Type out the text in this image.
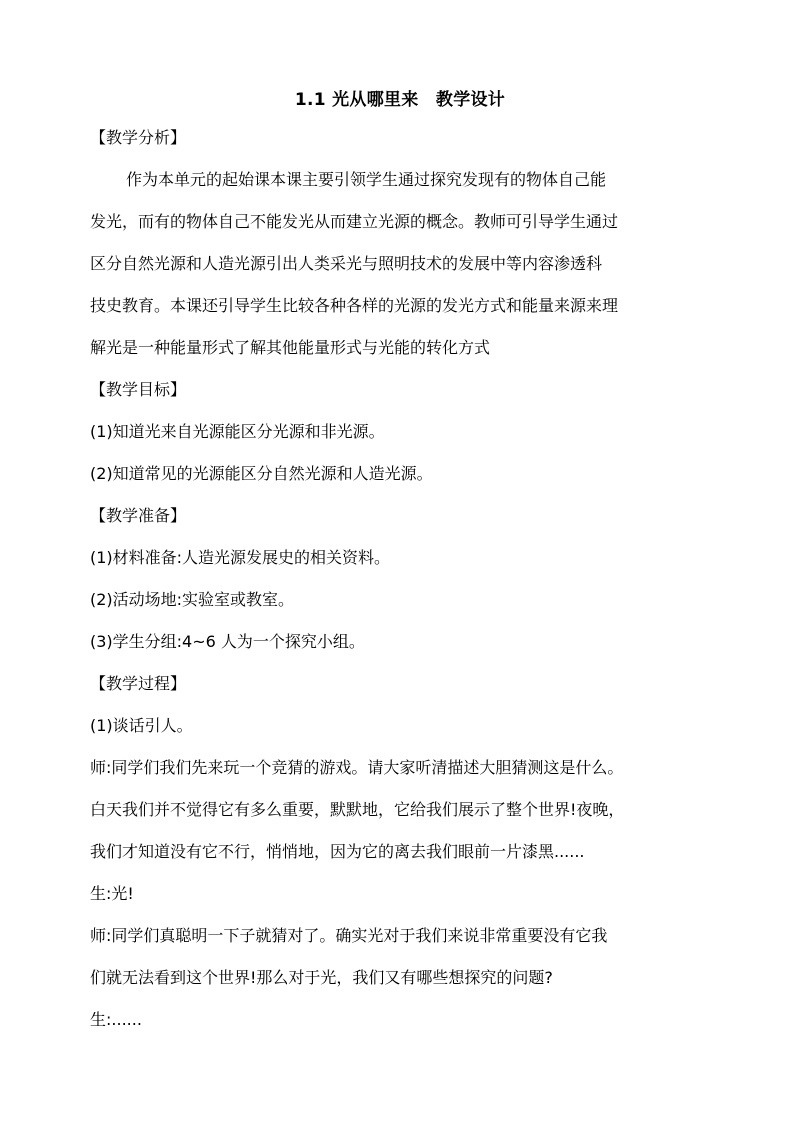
1.1 光从哪里来　教学设计
【教学分析】
作为本单元的起始课本课主要引领学生通过探究发现有的物体自己能
发光，而有的物体自己不能发光从而建立光源的概念。教师可引导学生通过
区分自然光源和人造光源引出人类采光与照明技术的发展中等内容渗透科
技史教育。本课还引导学生比较各种各样的光源的发光方式和能量来源来理
解光是一种能量形式了解其他能量形式与光能的转化方式
【教学目标】
(1)知道光来自光源能区分光源和非光源。
(2)知道常见的光源能区分自然光源和人造光源。
【教学准备】
(1)材料准备:人造光源发展史的相关资料。
(2)活动场地:实验室或教室。
(3)学生分组:4~6 人为一个探究小组。
【教学过程】
(1)谈话引人。
师:同学们我们先来玩一个竞猜的游戏。请大家听清描述大胆猜测这是什么。
白天我们并不觉得它有多么重要，默默地，它给我们展示了整个世界!夜晚，
我们才知道没有它不行，悄悄地，因为它的离去我们眼前一片漆黑......
生:光!
师:同学们真聪明一下子就猜对了。确实光对于我们来说非常重要没有它我
们就无法看到这个世界!那么对于光，我们又有哪些想探究的问题?
生:......
